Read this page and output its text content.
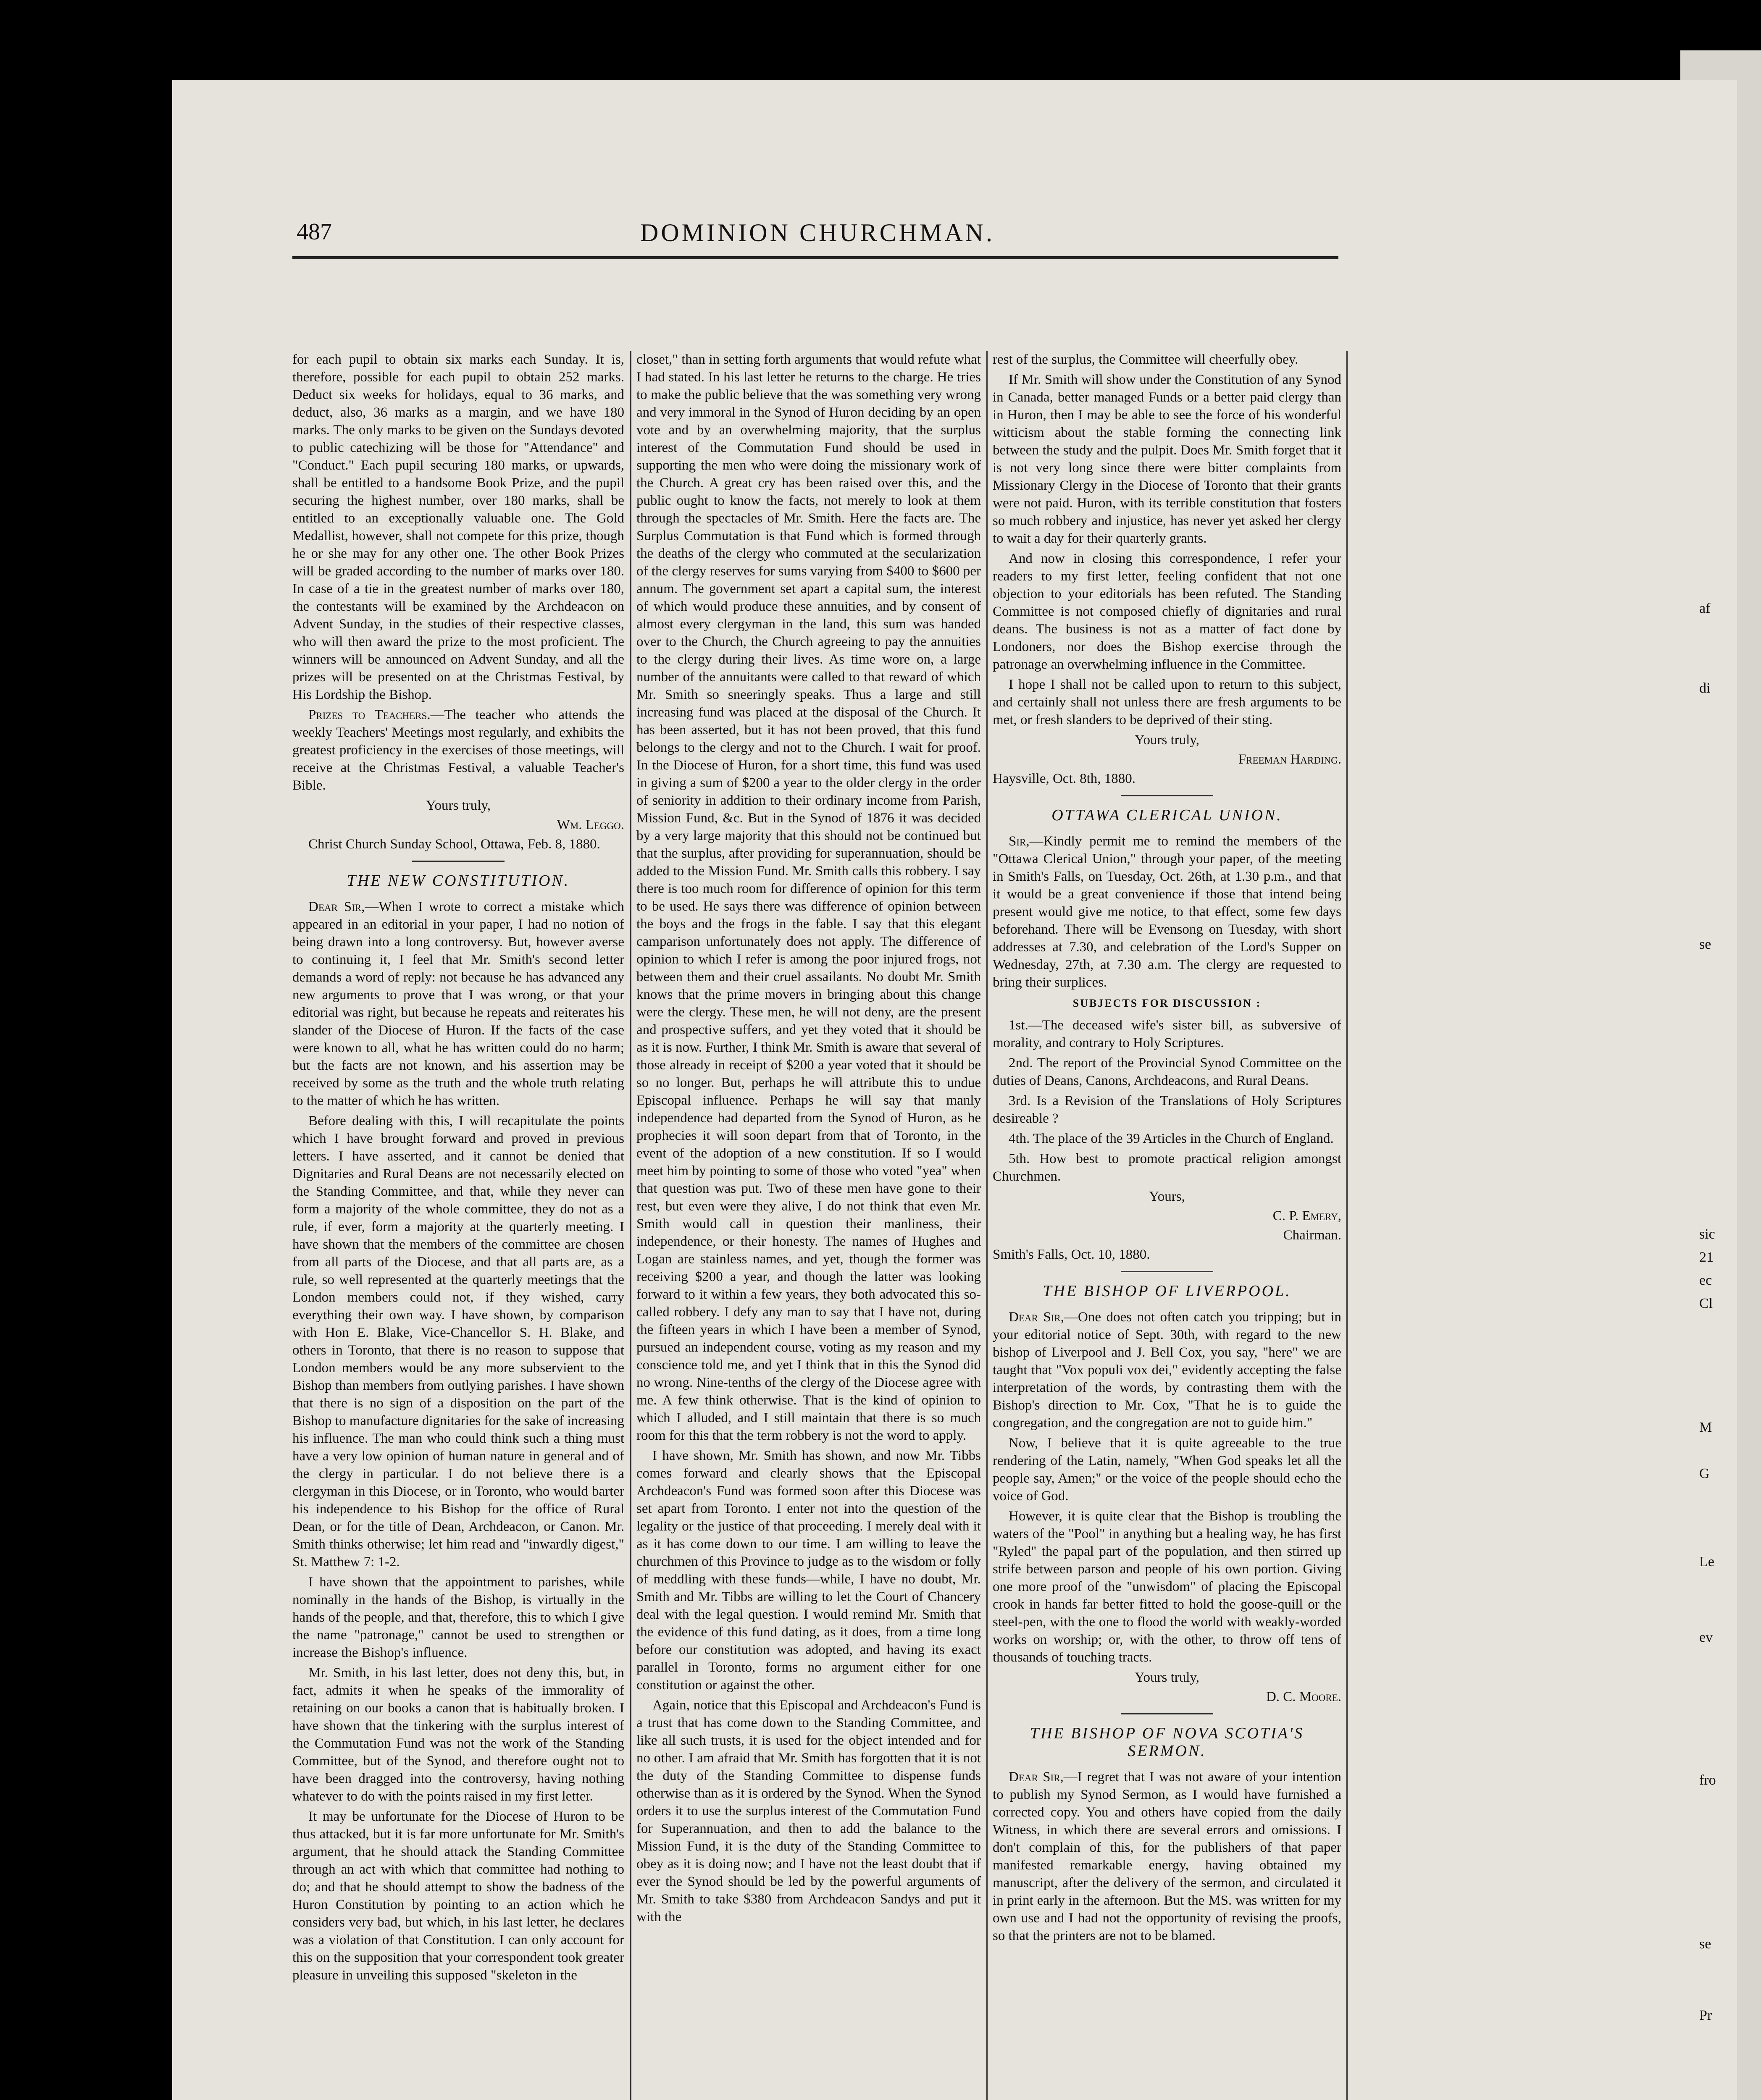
487	DOMINION CHURCHMAN.

for each pupil to obtain six marks each Sunday. It is, therefore, possible for each pupil to obtain 252 marks. Deduct six weeks for holidays, equal to 36 marks, and deduct, also, 36 marks as a margin, and we have 180 marks. The only marks to be given on the Sundays devoted to public catechizing will be those for "Attendance" and "Conduct." Each pupil securing 180 marks, or upwards, shall be entitled to a handsome Book Prize, and the pupil securing the highest number, over 180 marks, shall be entitled to an exceptionally valuable one. The Gold Medallist, however, shall not compete for this prize, though he or she may for any other one. The other Book Prizes will be graded according to the number of marks over 180. In case of a tie in the greatest number of marks over 180, the contestants will be examined by the Archdeacon on Advent Sunday, in the studies of their respective classes, who will then award the prize to the most proficient. The winners will be announced on Advent Sunday, and all the prizes will be presented on at the Christmas Festival, by His Lordship the Bishop.

Prizes to Teachers.—The teacher who attends the weekly Teachers' Meetings most regularly, and exhibits the greatest proficiency in the exercises of those meetings, will receive at the Christmas Festival, a valuable Teacher's Bible.

Yours truly,
Wm. Leggo.

Christ Church Sunday School, Ottawa, Feb. 8, 1880.

THE NEW CONSTITUTION.

Dear Sir,—When I wrote to correct a mistake which appeared in an editorial in your paper, I had no notion of being drawn into a long controversy. But, however averse to continuing it, I feel that Mr. Smith's second letter demands a word of reply: not because he has advanced any new arguments to prove that I was wrong, or that your editorial was right, but because he repeats and reiterates his slander of the Diocese of Huron. If the facts of the case were known to all, what he has written could do no harm; but the facts are not known, and his assertion may be received by some as the truth and the whole truth relating to the matter of which he has written.

Before dealing with this, I will recapitulate the points which I have brought forward and proved in previous letters. I have asserted, and it cannot be denied that Dignitaries and Rural Deans are not necessarily elected on the Standing Committee, and that, while they never can form a majority of the whole committee, they do not as a rule, if ever, form a majority at the quarterly meeting. I have shown that the members of the committee are chosen from all parts of the Diocese, and that all parts are, as a rule, so well represented at the quarterly meetings that the London members could not, if they wished, carry everything their own way. I have shown, by comparison with Hon E. Blake, Vice-Chancellor S. H. Blake, and others in Toronto, that there is no reason to suppose that London members would be any more subservient to the Bishop than members from outlying parishes. I have shown that there is no sign of a disposition on the part of the Bishop to manufacture dignitaries for the sake of increasing his influence. The man who could think such a thing must have a very low opinion of human nature in general and of the clergy in particular. I do not believe there is a clergyman in this Diocese, or in Toronto, who would barter his independence to his Bishop for the office of Rural Dean, or for the title of Dean, Archdeacon, or Canon. Mr. Smith thinks otherwise; let him read and "inwardly digest," St. Matthew 7: 1-2.

I have shown that the appointment to parishes, while nominally in the hands of the Bishop, is virtually in the hands of the people, and that, therefore, this to which I give the name "patronage," cannot be used to strengthen or increase the Bishop's influence.

Mr. Smith, in his last letter, does not deny this, but, in fact, admits it when he speaks of the immorality of retaining on our books a canon that is habitually broken. I have shown that the tinkering with the surplus interest of the Commutation Fund was not the work of the Standing Committee, but of the Synod, and therefore ought not to have been dragged into the controversy, having nothing whatever to do with the points raised in my first letter.

It may be unfortunate for the Diocese of Huron to be thus attacked, but it is far more unfortunate for Mr. Smith's argument, that he should attack the Standing Committee through an act with which that committee had nothing to do; and that he should attempt to show the badness of the Huron Constitution by pointing to an action which he considers very bad, but which, in his last letter, he declares was a violation of that Constitution. I can only account for this on the supposition that your correspondent took greater pleasure in unveiling this supposed "skeleton in the

closet," than in setting forth arguments that would refute what I had stated. In his last letter he returns to the charge. He tries to make the public believe that the was something very wrong and very immoral in the Synod of Huron deciding by an open vote and by an overwhelming majority, that the surplus interest of the Commutation Fund should be used in supporting the men who were doing the missionary work of the Church. A great cry has been raised over this, and the public ought to know the facts, not merely to look at them through the spectacles of Mr. Smith. Here the facts are. The Surplus Commutation is that Fund which is formed through the deaths of the clergy who commuted at the secularization of the clergy reserves for sums varying from $400 to $600 per annum. The government set apart a capital sum, the interest of which would produce these annuities, and by consent of almost every clergyman in the land, this sum was handed over to the Church, the Church agreeing to pay the annuities to the clergy during their lives. As time wore on, a large number of the annuitants were called to that reward of which Mr. Smith so sneeringly speaks. Thus a large and still increasing fund was placed at the disposal of the Church. It has been asserted, but it has not been proved, that this fund belongs to the clergy and not to the Church. I wait for proof. In the Diocese of Huron, for a short time, this fund was used in giving a sum of $200 a year to the older clergy in the order of seniority in addition to their ordinary income from Parish, Mission Fund, &c. But in the Synod of 1876 it was decided by a very large majority that this should not be continued but that the surplus, after providing for superannuation, should be added to the Mission Fund. Mr. Smith calls this robbery. I say there is too much room for difference of opinion for this term to be used. He says there was difference of opinion between the boys and the frogs in the fable. I say that this elegant camparison unfortunately does not apply. The difference of opinion to which I refer is among the poor injured frogs, not between them and their cruel assailants. No doubt Mr. Smith knows that the prime movers in bringing about this change were the clergy. These men, he will not deny, are the present and prospective suffers, and yet they voted that it should be as it is now. Further, I think Mr. Smith is aware that several of those already in receipt of $200 a year voted that it should be so no longer. But, perhaps he will attribute this to undue Episcopal influence. Perhaps he will say that manly independence had departed from the Synod of Huron, as he prophecies it will soon depart from that of Toronto, in the event of the adoption of a new constitution. If so I would meet him by pointing to some of those who voted "yea" when that question was put. Two of these men have gone to their rest, but even were they alive, I do not think that even Mr. Smith would call in question their manliness, their independence, or their honesty. The names of Hughes and Logan are stainless names, and yet, though the former was receiving $200 a year, and though the latter was looking forward to it within a few years, they both advocated this so-called robbery. I defy any man to say that I have not, during the fifteen years in which I have been a member of Synod, pursued an independent course, voting as my reason and my conscience told me, and yet I think that in this the Synod did no wrong. Nine-tenths of the clergy of the Diocese agree with me. A few think otherwise. That is the kind of opinion to which I alluded, and I still maintain that there is so much room for this that the term robbery is not the word to apply.

I have shown, Mr. Smith has shown, and now Mr. Tibbs comes forward and clearly shows that the Episcopal Archdeacon's Fund was formed soon after this Diocese was set apart from Toronto. I enter not into the question of the legality or the justice of that proceeding. I merely deal with it as it has come down to our time. I am willing to leave the churchmen of this Province to judge as to the wisdom or folly of meddling with these funds—while, I have no doubt, Mr. Smith and Mr. Tibbs are willing to let the Court of Chancery deal with the legal question. I would remind Mr. Smith that the evidence of this fund dating, as it does, from a time long before our constitution was adopted, and having its exact parallel in Toronto, forms no argument either for one constitution or against the other.

Again, notice that this Episcopal and Archdeacon's Fund is a trust that has come down to the Standing Committee, and like all such trusts, it is used for the object intended and for no other. I am afraid that Mr. Smith has forgotten that it is not the duty of the Standing Committee to dispense funds otherwise than as it is ordered by the Synod. When the Synod orders it to use the surplus interest of the Commutation Fund for Superannuation, and then to add the balance to the Mission Fund, it is the duty of the Standing Committee to obey as it is doing now; and I have not the least doubt that if ever the Synod should be led by the powerful arguments of Mr. Smith to take $380 from Archdeacon Sandys and put it with the

rest of the surplus, the Committee will cheerfully obey.

If Mr. Smith will show under the Constitution of any Synod in Canada, better managed Funds or a better paid clergy than in Huron, then I may be able to see the force of his wonderful witticism about the stable forming the connecting link between the study and the pulpit. Does Mr. Smith forget that it is not very long since there were bitter complaints from Missionary Clergy in the Diocese of Toronto that their grants were not paid. Huron, with its terrible constitution that fosters so much robbery and injustice, has never yet asked her clergy to wait a day for their quarterly grants.

And now in closing this correspondence, I refer your readers to my first letter, feeling confident that not one objection to your editorials has been refuted. The Standing Committee is not composed chiefly of dignitaries and rural deans. The business is not as a matter of fact done by Londoners, nor does the Bishop exercise through the patronage an overwhelming influence in the Committee.

I hope I shall not be called upon to return to this subject, and certainly shall not unless there are fresh arguments to be met, or fresh slanders to be deprived of their sting.

Yours truly,
Freeman Harding.

Haysville, Oct. 8th, 1880.

OTTAWA CLERICAL UNION.

Sir,—Kindly permit me to remind the members of the "Ottawa Clerical Union," through your paper, of the meeting in Smith's Falls, on Tuesday, Oct. 26th, at 1.30 p.m., and that it would be a great convenience if those that intend being present would give me notice, to that effect, some few days beforehand. There will be Evensong on Tuesday, with short addresses at 7.30, and celebration of the Lord's Supper on Wednesday, 27th, at 7.30 a.m. The clergy are requested to bring their surplices.

SUBJECTS FOR DISCUSSION :

1st.—The deceased wife's sister bill, as subversive of morality, and contrary to Holy Scriptures.

2nd. The report of the Provincial Synod Committee on the duties of Deans, Canons, Archdeacons, and Rural Deans.

3rd. Is a Revision of the Translations of Holy Scriptures desireable ?

4th. The place of the 39 Articles in the Church of England.

5th. How best to promote practical religion amongst Churchmen.

Yours,
C. P. Emery,
Chairman.

Smith's Falls, Oct. 10, 1880.

THE BISHOP OF LIVERPOOL.

Dear Sir,—One does not often catch you tripping; but in your editorial notice of Sept. 30th, with regard to the new bishop of Liverpool and J. Bell Cox, you say, "here" we are taught that "Vox populi vox dei," evidently accepting the false interpretation of the words, by contrasting them with the Bishop's direction to Mr. Cox, "That he is to guide the congregation, and the congregation are not to guide him."

Now, I believe that it is quite agreeable to the true rendering of the Latin, namely, "When God speaks let all the people say, Amen;" or the voice of the people should echo the voice of God.

However, it is quite clear that the Bishop is troubling the waters of the "Pool" in anything but a healing way, he has first "Ryled" the papal part of the population, and then stirred up strife between parson and people of his own portion. Giving one more proof of the "unwisdom" of placing the Episcopal crook in hands far better fitted to hold the goose-quill or the steel-pen, with the one to flood the world with weakly-worded works on worship; or, with the other, to throw off tens of thousands of touching tracts.

Yours truly,
D. C. Moore.
THE BISHOP OF NOVA SCOTIA'S SERMON.

Dear Sir,—I regret that I was not aware of your intention to publish my Synod Sermon, as I would have furnished a corrected copy. You and others have copied from the daily Witness, in which there are several errors and omissions. I don't complain of this, for the publishers of that paper manifested remarkable energy, having obtained my manuscript, after the delivery of the sermon, and circulated it in print early in the afternoon. But the MS. was written for my own use and I had not the opportunity of revising the proofs, so that the printers are not to be blamed.

af
di
se
sic
21
ec
Cl
M
G
Le
ev
fro
se
Pr
